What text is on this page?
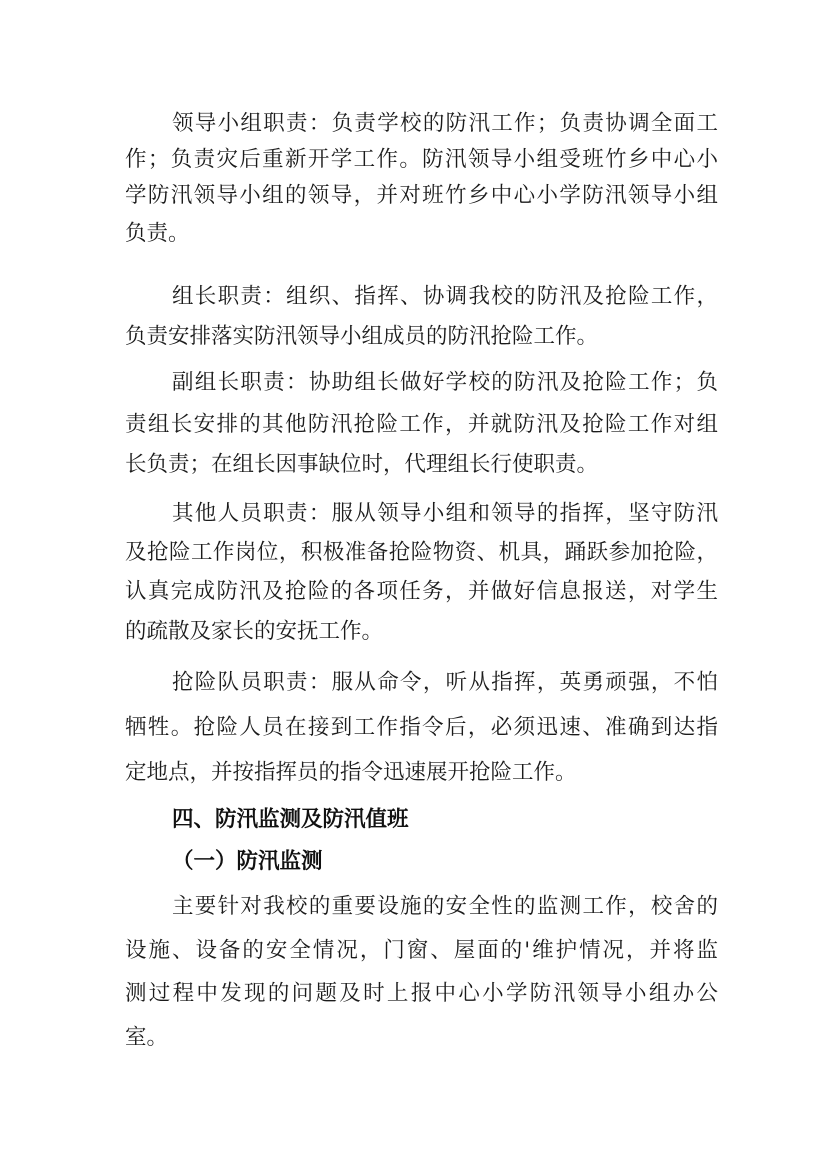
领导小组职责：负责学校的防汛工作；负责协调全面工
作；负责灾后重新开学工作。防汛领导小组受班竹乡中心小
学防汛领导小组的领导，并对班竹乡中心小学防汛领导小组
负责。
组长职责：组织、指挥、协调我校的防汛及抢险工作，
负责安排落实防汛领导小组成员的防汛抢险工作。
副组长职责：协助组长做好学校的防汛及抢险工作；负
责组长安排的其他防汛抢险工作，并就防汛及抢险工作对组
长负责；在组长因事缺位时，代理组长行使职责。
其他人员职责：服从领导小组和领导的指挥，坚守防汛
及抢险工作岗位，积极准备抢险物资、机具，踊跃参加抢险，
认真完成防汛及抢险的各项任务，并做好信息报送，对学生
的疏散及家长的安抚工作。
抢险队员职责：服从命令，听从指挥，英勇顽强，不怕
牺牲。抢险人员在接到工作指令后，必须迅速、准确到达指
定地点，并按指挥员的指令迅速展开抢险工作。
四、防汛监测及防汛值班
（一）防汛监测
主要针对我校的重要设施的安全性的监测工作，校舍的
设施、设备的安全情况，门窗、屋面的'维护情况，并将监
测过程中发现的问题及时上报中心小学防汛领导小组办公
室。
